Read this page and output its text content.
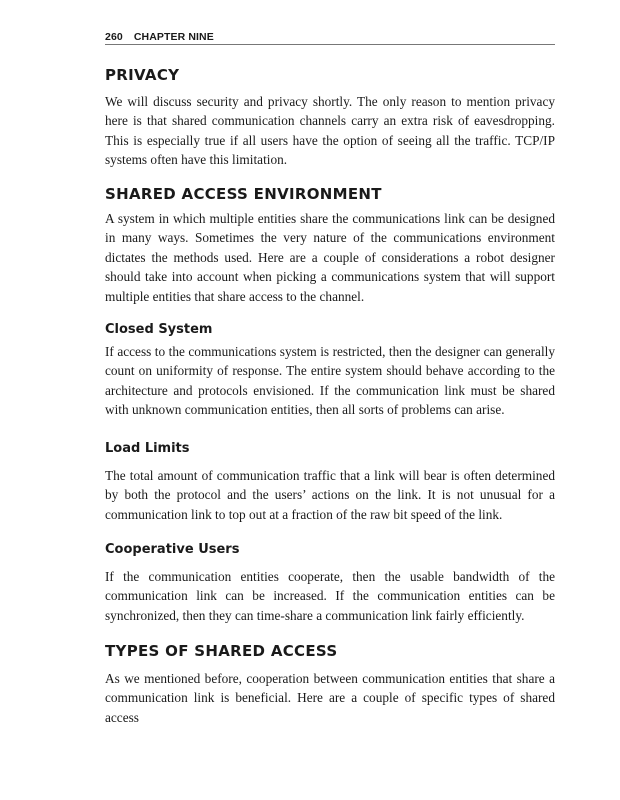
260 CHAPTER NINE
PRIVACY

We will discuss security and privacy shortly. The only reason to mention privacy here is that shared communication channels carry an extra risk of eavesdropping. This is especially true if all users have the option of seeing all the traffic. TCP/IP systems often have this limitation.

SHARED ACCESS ENVIRONMENT

A system in which multiple entities share the communications link can be designed in many ways. Sometimes the very nature of the communications environment dictates the methods used. Here are a couple of considerations a robot designer should take into account when picking a communications system that will support multiple entities that share access to the channel.

Closed System

If access to the communications system is restricted, then the designer can generally count on uniformity of response. The entire system should behave according to the architecture and protocols envisioned. If the communication link must be shared with unknown communication entities, then all sorts of problems can arise.

Load Limits

The total amount of communication traffic that a link will bear is often determined by both the protocol and the users’ actions on the link. It is not unusual for a communication link to top out at a fraction of the raw bit speed of the link.

Cooperative Users

If the communication entities cooperate, then the usable bandwidth of the communication link can be increased. If the communication entities can be synchronized, then they can time-share a communication link fairly efficiently.

TYPES OF SHARED ACCESS

As we mentioned before, cooperation between communication entities that share a communication link is beneficial. Here are a couple of specific types of shared access
